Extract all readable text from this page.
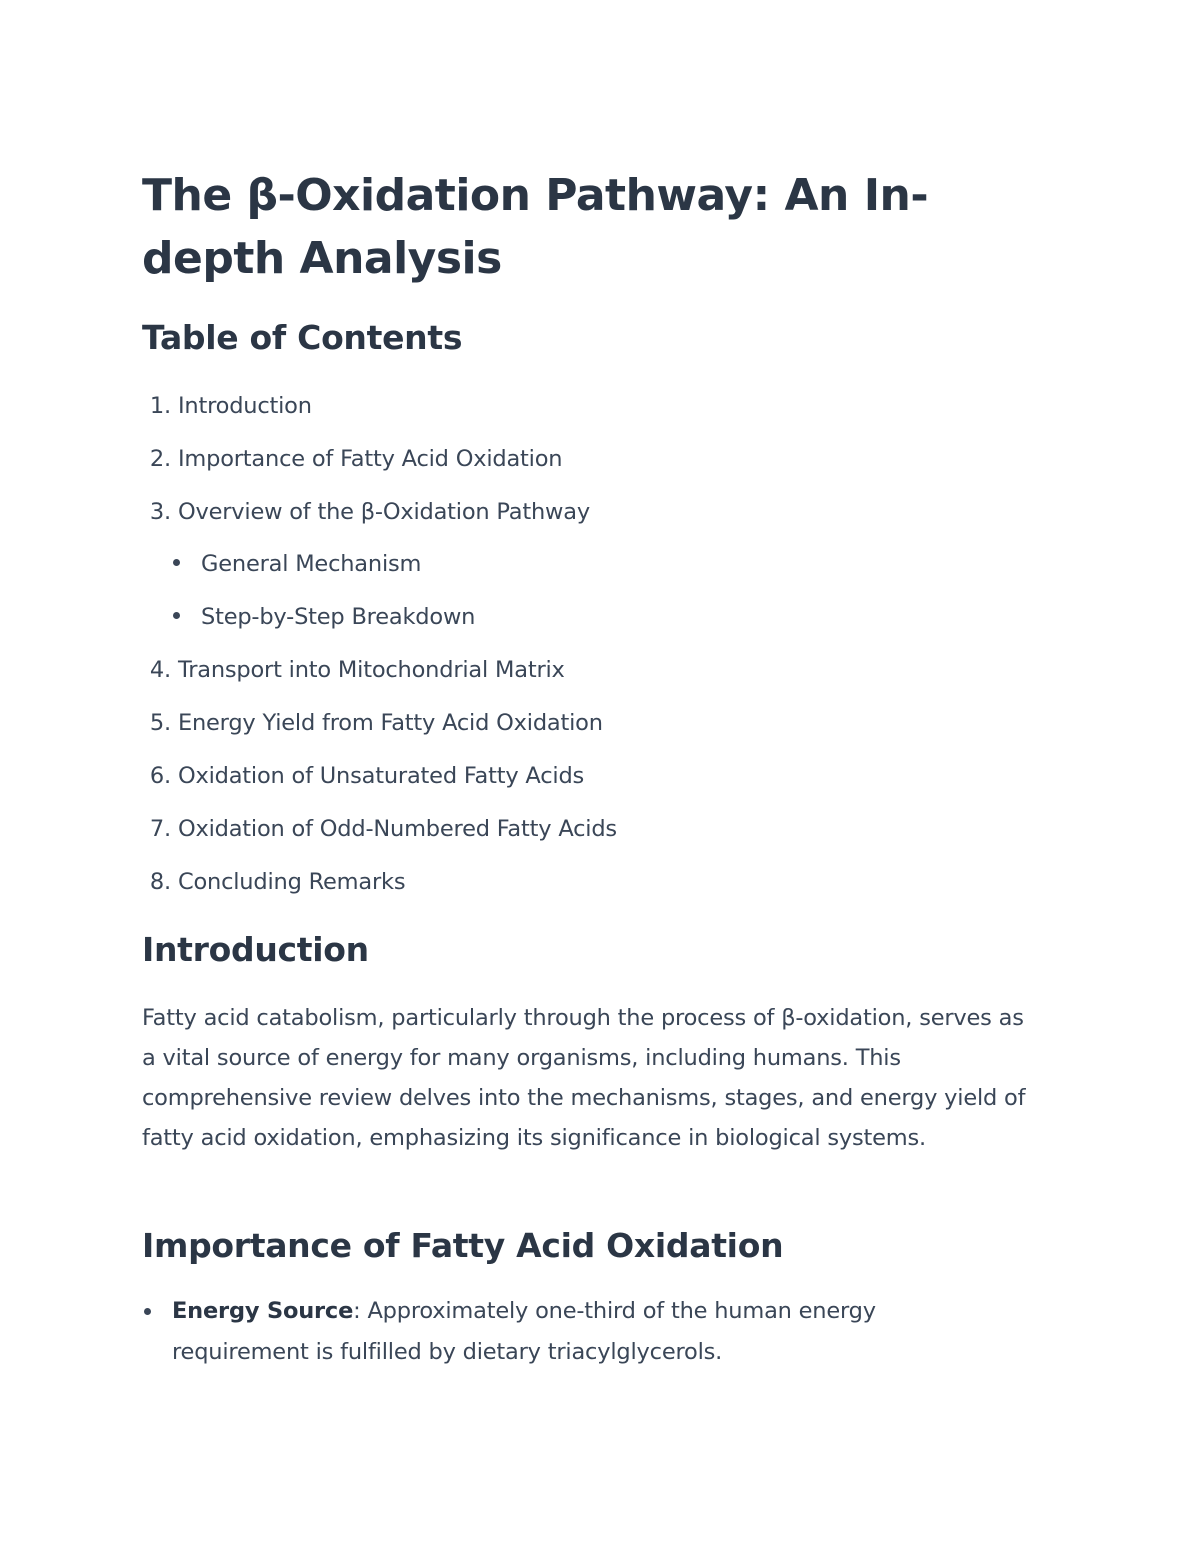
The β-Oxidation Pathway: An In-depth Analysis
Table of Contents
1. Introduction
2. Importance of Fatty Acid Oxidation
3. Overview of the β-Oxidation Pathway
General Mechanism
Step-by-Step Breakdown
4. Transport into Mitochondrial Matrix
5. Energy Yield from Fatty Acid Oxidation
6. Oxidation of Unsaturated Fatty Acids
7. Oxidation of Odd-Numbered Fatty Acids
8. Concluding Remarks
Introduction

Fatty acid catabolism, particularly through the process of β-oxidation, serves as a vital source of energy for many organisms, including humans. This comprehensive review delves into the mechanisms, stages, and energy yield of fatty acid oxidation, emphasizing its significance in biological systems.

Importance of Fatty Acid Oxidation
Energy Source: Approximately one-third of the human energy requirement is fulfilled by dietary triacylglycerols.
